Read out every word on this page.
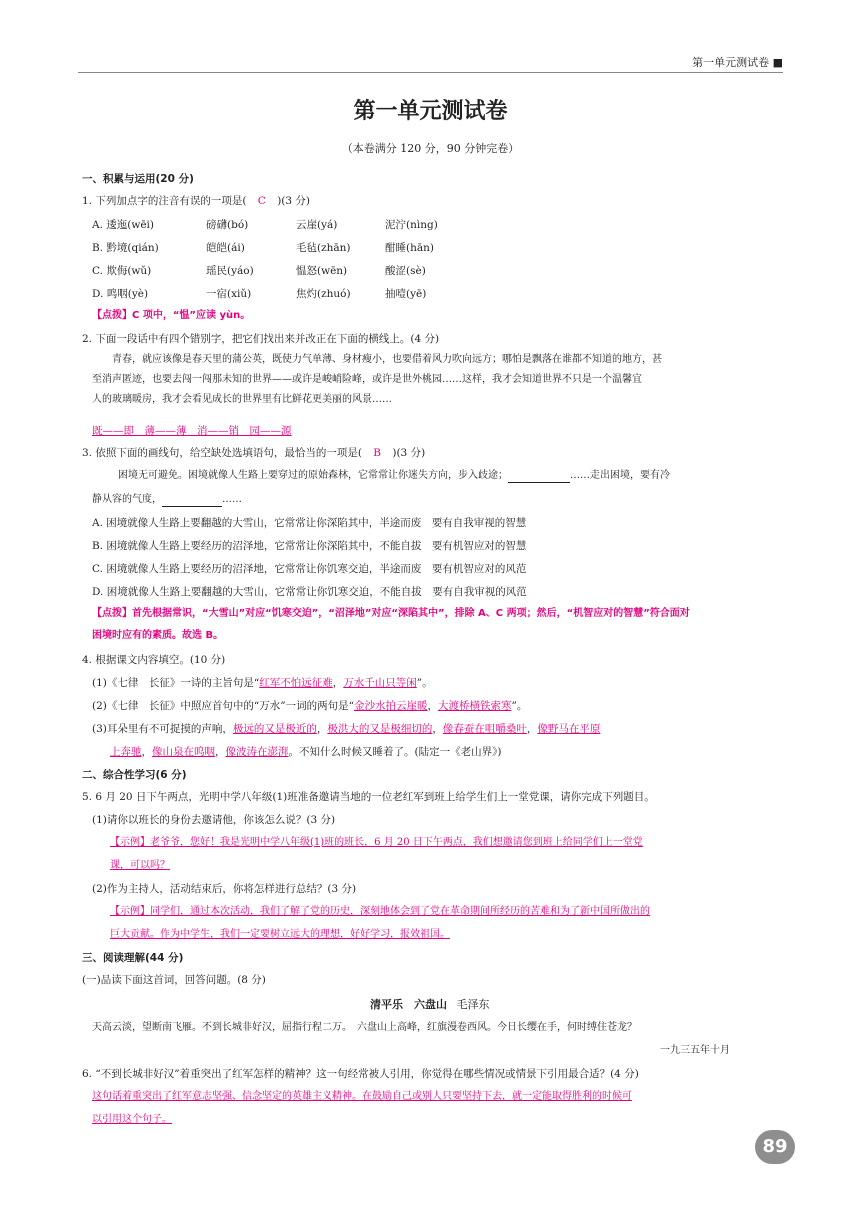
第一单元测试卷 ■
第一单元测试卷
（本卷满分 120 分，90 分钟完卷）
一、积累与运用(20 分)
1. 下列加点字的注音有误的一项是( C )(3 分)
A. 逶迤(wēi)	磅礴(bó)	云崖(yá)	泥泞(nìng)
B. 黔境(qián)	皑皑(ái)	毛毡(zhān)	酣睡(hān)
C. 欺侮(wǔ)	瑶民(yáo)	愠怒(wēn)	酸涩(sè)
D. 鸣咽(yè)	一宿(xiǔ)	焦灼(zhuó)	抽噎(yē)
【点拨】C 项中，“愠”应读 yùn。
2. 下面一段话中有四个错别字，把它们找出来并改正在下面的横线上。(4 分)
青春，就应该像是春天里的蒲公英，既使力气单薄、身材瘦小，也要借着风力吹向远方；哪怕是飘落在谁都不知道的地方，甚
至消声匿迹，也要去闯一闯那未知的世界——或许是峻峭险峰，或许是世外桃园……这样，我才会知道世界不只是一个温馨宜
人的玻璃暖房，我才会看见成长的世界里有比鲜花更美丽的风景……
既——即　薄——薄　消——销　园——源
3. 依照下面的画线句，给空缺处选填语句，最恰当的一项是( B )(3 分)
困境无可避免。困境就像人生路上要穿过的原始森林，它常常让你迷失方向，步入歧途；	……走出困境，要有冷
静从容的气度，	……
A. 困境就像人生路上要翻越的大雪山，它常常让你深陷其中，半途而废　要有自我审视的智慧
B. 困境就像人生路上要经历的沼泽地，它常常让你深陷其中，不能自拔　要有机智应对的智慧
C. 困境就像人生路上要经历的沼泽地，它常常让你饥寒交迫，半途而废　要有机智应对的风范
D. 困境就像人生路上要翻越的大雪山，它常常让你饥寒交迫，不能自拔　要有自我审视的风范
【点拨】首先根据常识，“大雪山”对应“饥寒交迫”，“沼泽地”对应“深陷其中”，排除 A、C 两项；然后，“机智应对的智慧”符合面对
困境时应有的素质。故选 B。
4. 根据课文内容填空。(10 分)
(1)《七律　长征》一诗的主旨句是“红军不怕远征难，万水千山只等闲”。
(2)《七律　长征》中照应首句中的“万水”一词的两句是“金沙水拍云崖暖，大渡桥横铁索寒”。
(3)耳朵里有不可捉摸的声响，极远的又是极近的，极洪大的又是极细切的，像春蚕在咀嚼桑叶，像野马在平原
上奔驰，像山泉在呜咽，像波涛在澎湃。不知什么时候又睡着了。(陆定一《老山界》)
二、综合性学习(6 分)
5. 6 月 20 日下午两点，光明中学八年级(1)班准备邀请当地的一位老红军到班上给学生们上一堂党课，请你完成下列题目。
(1)请你以班长的身份去邀请他，你该怎么说？(3 分)
【示例】老爷爷，您好！我是光明中学八年级(1)班的班长，6 月 20 日下午两点，我们想邀请您到班上给同学们上一堂党
课，可以吗？
(2)作为主持人，活动结束后，你将怎样进行总结？(3 分)
【示例】同学们，通过本次活动，我们了解了党的历史，深刻地体会到了党在革命期间所经历的苦难和为了新中国所做出的
巨大贡献。作为中学生，我们一定要树立远大的理想，好好学习，报效祖国。
三、阅读理解(44 分)
(一)品读下面这首词，回答问题。(8 分)
清平乐　六盘山 毛泽东
天高云淡，望断南飞雁。不到长城非好汉，屈指行程二万。　六盘山上高峰，红旗漫卷西风。今日长缨在手，何时缚住苍龙？
一九三五年十月
6. “不到长城非好汉”着重突出了红军怎样的精神？这一句经常被人引用，你觉得在哪些情况或情景下引用最合适？(4 分)
这句话着重突出了红军意志坚强、信念坚定的英雄主义精神。在鼓励自己或别人只要坚持下去，就一定能取得胜利的时候可
以引用这个句子。
89
